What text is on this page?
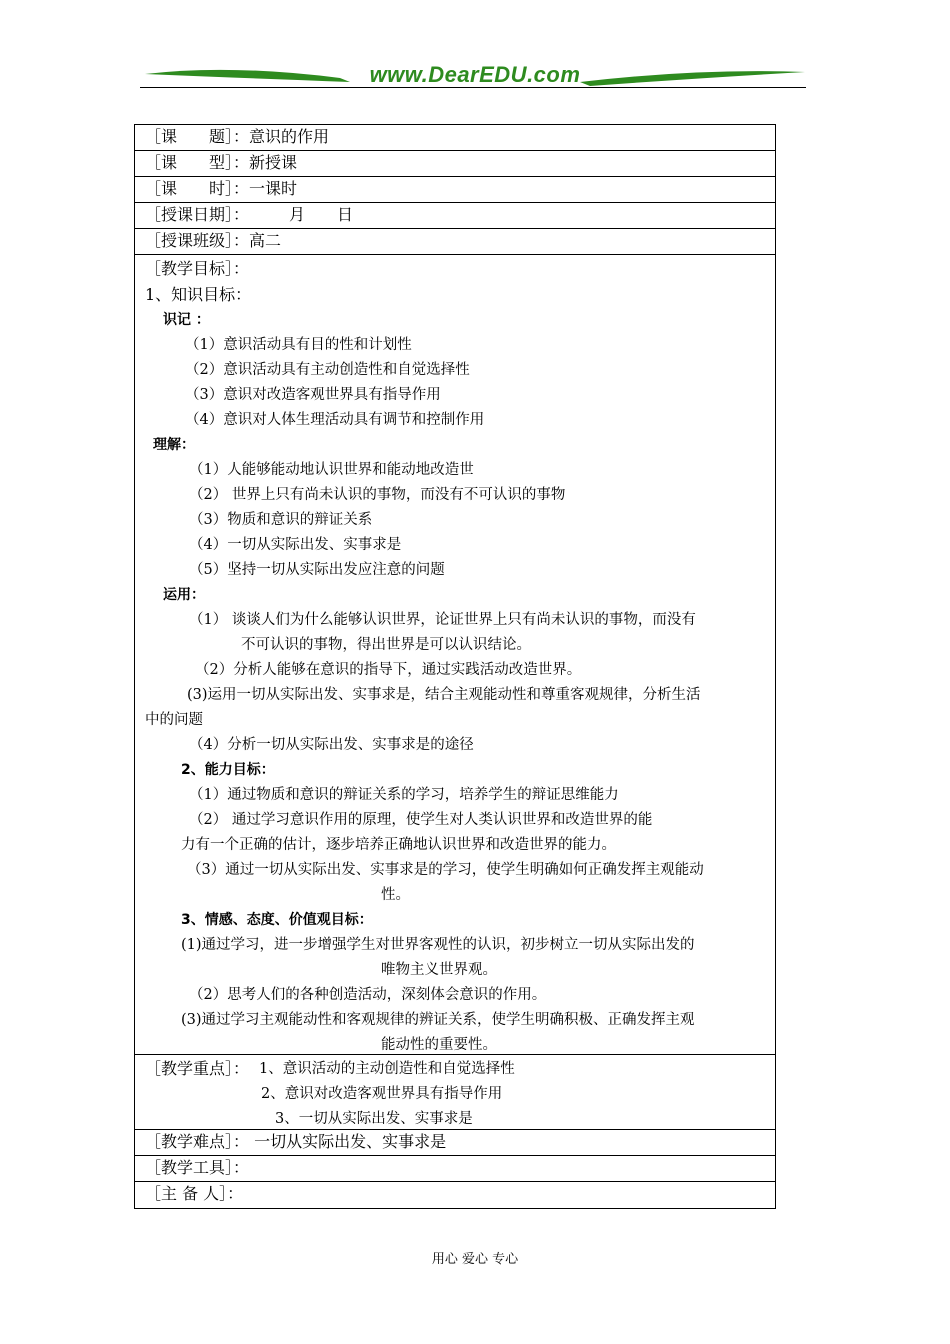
www.DearEDU.com
［课　　题］：意识的作用
［课　　型］：新授课
［课　　时］：一课时
［授课日期］：　　　月　　日
［授课班级］：高二
［教学目标］：
1、知识目标：
识记 ：
（1）意识活动具有目的性和计划性
（2）意识活动具有主动创造性和自觉选择性
（3）意识对改造客观世界具有指导作用
（4）意识对人体生理活动具有调节和控制作用
理解：
（1）人能够能动地认识世界和能动地改造世
（2） 世界上只有尚未认识的事物，而没有不可认识的事物
（3）物质和意识的辩证关系
（4）一切从实际出发、实事求是
（5）坚持一切从实际出发应注意的问题
运用：
（1） 谈谈人们为什么能够认识世界，论证世界上只有尚未认识的事物，而没有
不可认识的事物，得出世界是可以认识结论。
（2）分析人能够在意识的指导下，通过实践活动改造世界。
(3)运用一切从实际出发、实事求是，结合主观能动性和尊重客观规律，分析生活
中的问题
（4）分析一切从实际出发、实事求是的途径
2、能力目标：
（1）通过物质和意识的辩证关系的学习，培养学生的辩证思维能力
（2） 通过学习意识作用的原理，使学生对人类认识世界和改造世界的能
力有一个正确的估计，逐步培养正确地认识世界和改造世界的能力。
（3）通过一切从实际出发、实事求是的学习，使学生明确如何正确发挥主观能动
性。
3、情感、态度、价值观目标：
(1)通过学习，进一步增强学生对世界客观性的认识，初步树立一切从实际出发的
唯物主义世界观。
（2）思考人们的各种创造活动，深刻体会意识的作用。
(3)通过学习主观能动性和客观规律的辨证关系，使学生明确积极、正确发挥主观
能动性的重要性。
［教学重点］： 1、意识活动的主动创造性和自觉选择性
2、意识对改造客观世界具有指导作用
3、一切从实际出发、实事求是
［教学难点］： 一切从实际出发、实事求是
［教学工具］：
［主 备 人］：
用心 爱心 专心
